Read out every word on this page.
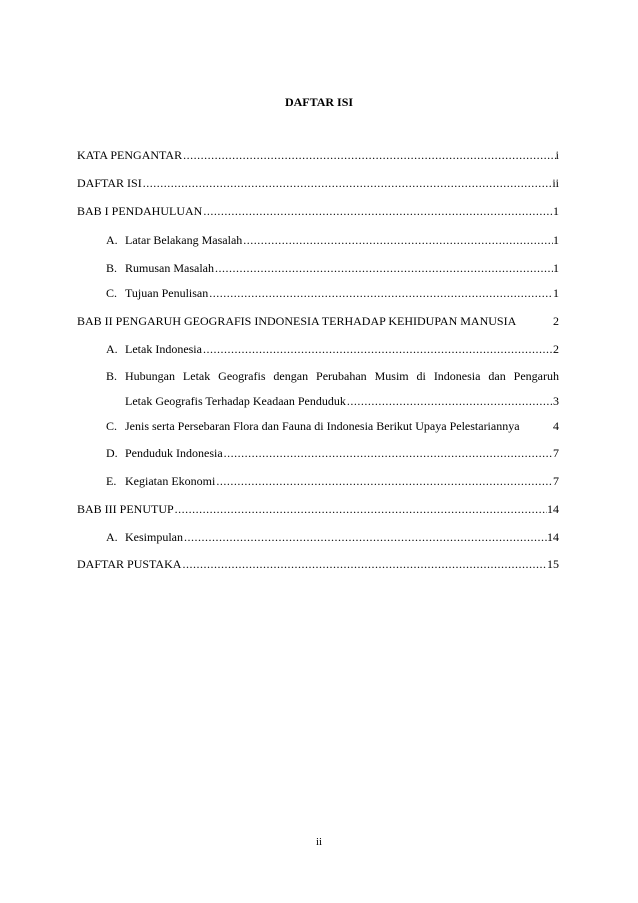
DAFTAR ISI
KATA PENGANTAR .....	i
DAFTAR ISI .....	ii
BAB I PENDAHULUAN .....	1
A. Latar Belakang Masalah .....	1
B. Rumusan Masalah .....	1
C. Tujuan Penulisan .....	1
BAB II PENGARUH GEOGRAFIS INDONESIA TERHADAP KEHIDUPAN MANUSIA	2
A. Letak Indonesia .....	2
B. Hubungan Letak Geografis dengan Perubahan Musim di Indonesia dan Pengaruh
Letak Geografis Terhadap Keadaan Penduduk .....	3
C. Jenis serta Persebaran Flora dan Fauna di Indonesia Berikut Upaya Pelestariannya	4
D. Penduduk Indonesia .....	7
E. Kegiatan Ekonomi .....	7
BAB III PENUTUP .....	14
A. Kesimpulan .....	14
DAFTAR PUSTAKA .....	15
ii
